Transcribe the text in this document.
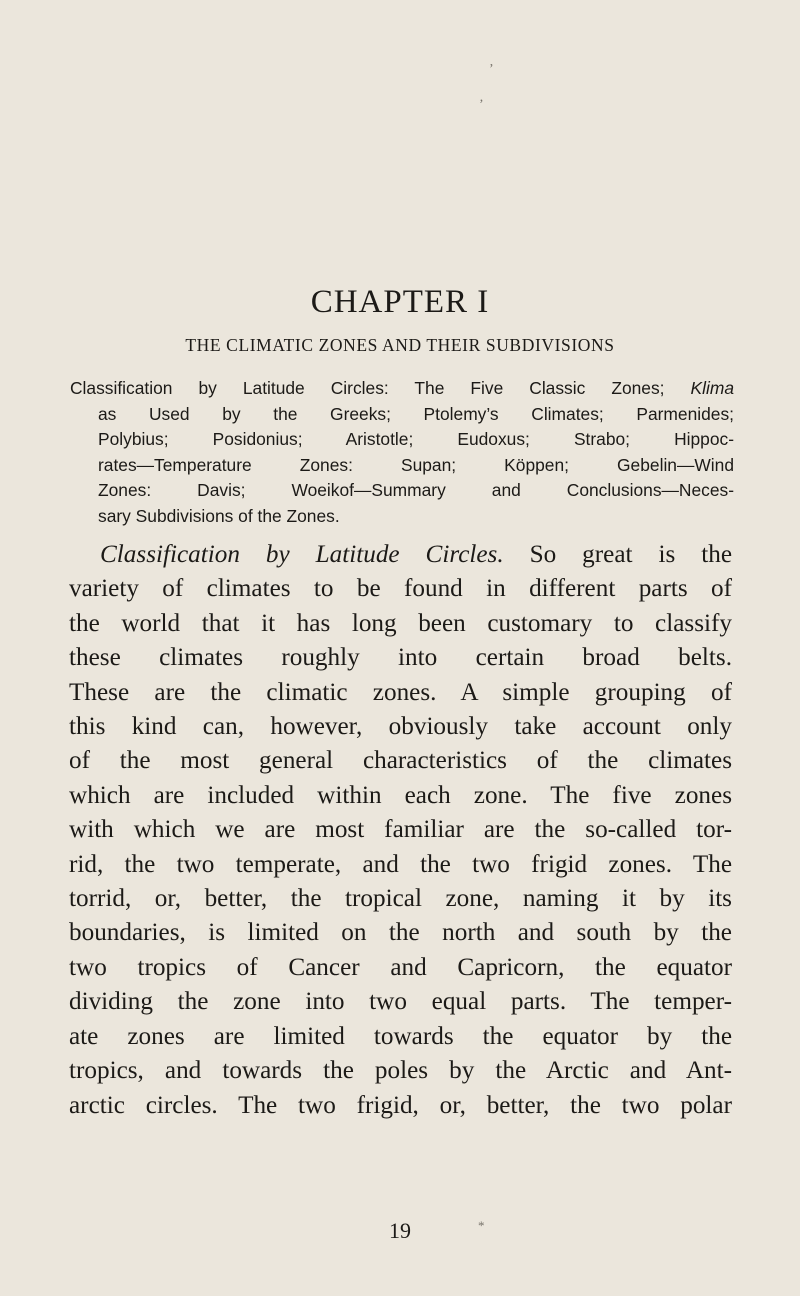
’
‚
CHAPTER I
THE CLIMATIC ZONES AND THEIR SUBDIVISIONS
Classification by Latitude Circles: The Five Classic Zones; Klima
as Used by the Greeks; Ptolemy’s Climates; Parmenides;
Polybius; Posidonius; Aristotle; Eudoxus; Strabo; Hippoc-
rates—Temperature Zones: Supan; Köppen; Gebelin—Wind
Zones: Davis; Woeikof—Summary and Conclusions—Neces-
sary Subdivisions of the Zones.
Classification by Latitude Circles. So great is the
variety of climates to be found in different parts of
the world that it has long been customary to classify
these climates roughly into certain broad belts.
These are the climatic zones. A simple grouping of
this kind can, however, obviously take account only
of the most general characteristics of the climates
which are included within each zone. The five zones
with which we are most familiar are the so-called tor-
rid, the two temperate, and the two frigid zones. The
torrid, or, better, the tropical zone, naming it by its
boundaries, is limited on the north and south by the
two tropics of Cancer and Capricorn, the equator
dividing the zone into two equal parts. The temper-
ate zones are limited towards the equator by the
tropics, and towards the poles by the Arctic and Ant-
arctic circles. The two frigid, or, better, the two polar
19	*
